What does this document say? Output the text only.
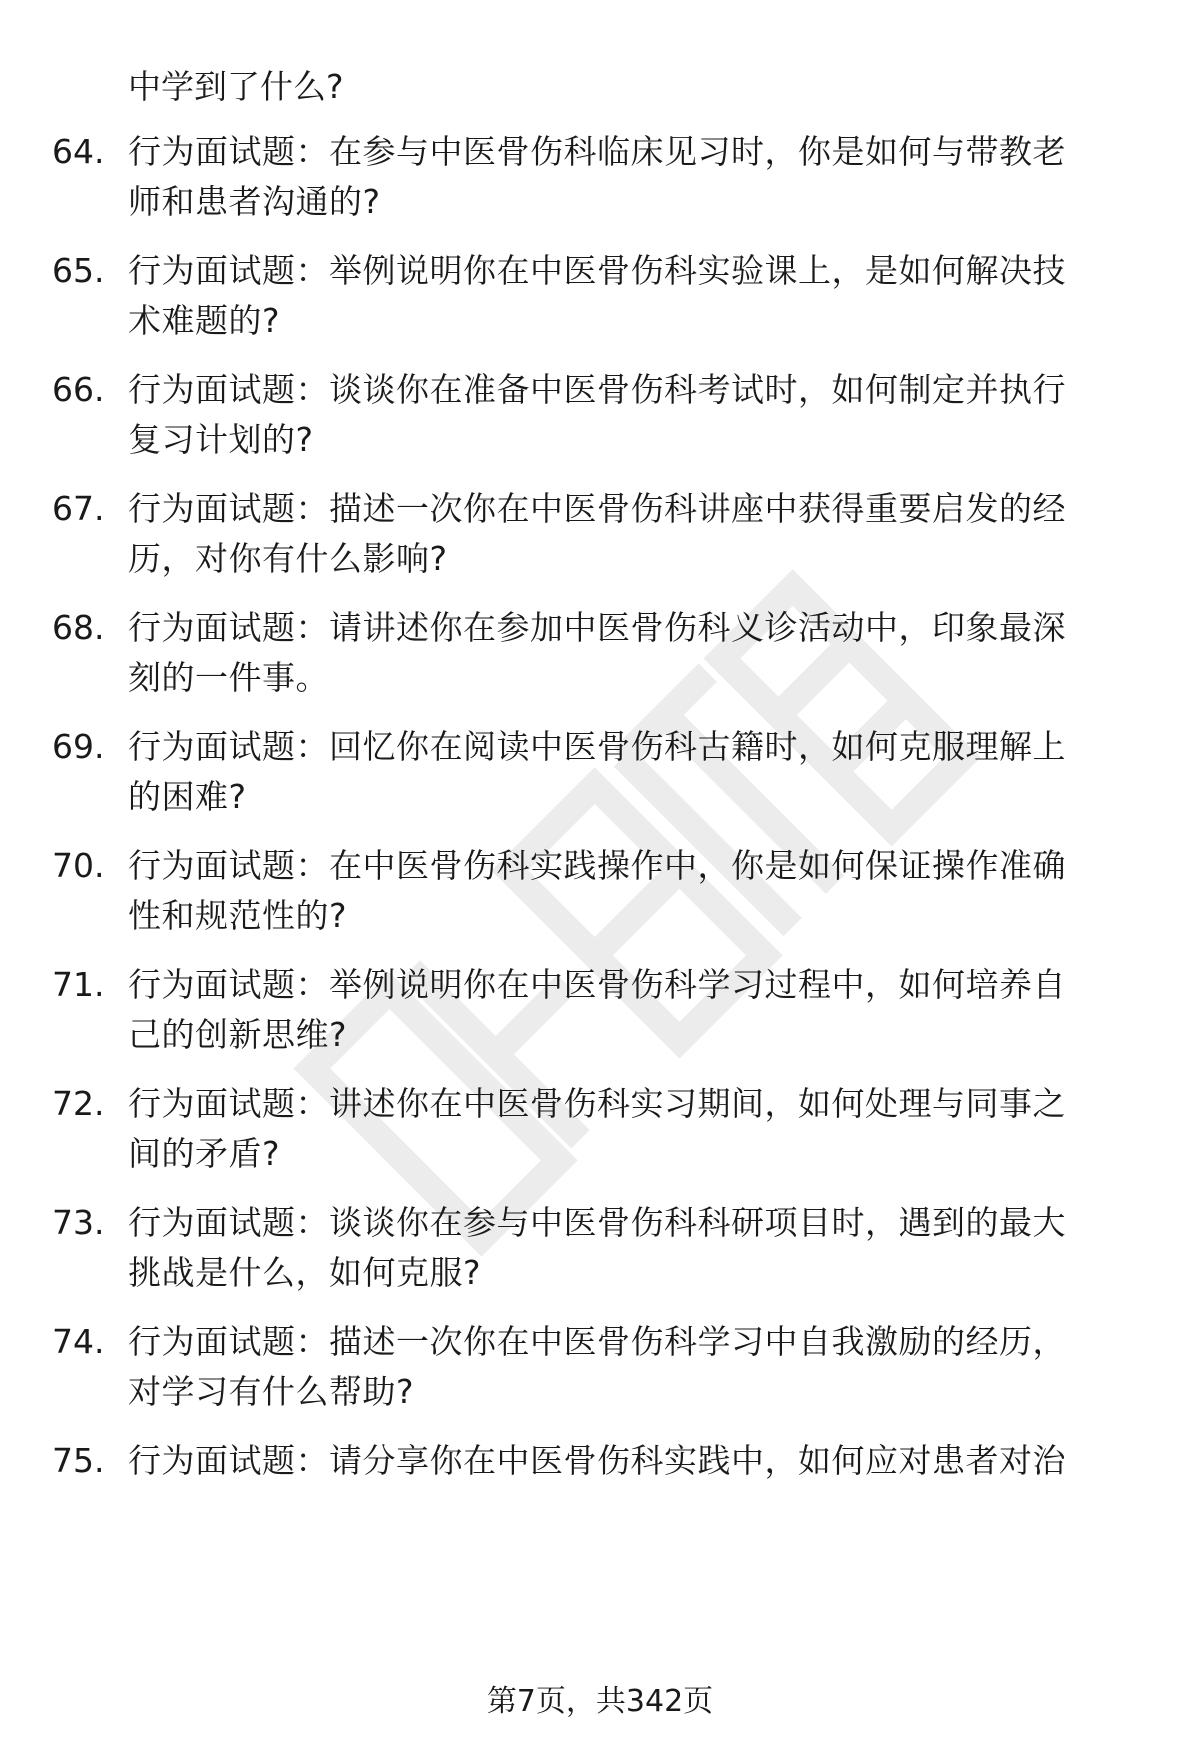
中学到了什么?

64. 行为面试题：在参与中医骨伤科临床见习时，你是如何与带教老
师和患者沟通的?

65. 行为面试题：举例说明你在中医骨伤科实验课上，是如何解决技
术难题的?

66. 行为面试题：谈谈你在准备中医骨伤科考试时，如何制定并执行
复习计划的?

67. 行为面试题：描述一次你在中医骨伤科讲座中获得重要启发的经
历，对你有什么影响?

68. 行为面试题：请讲述你在参加中医骨伤科义诊活动中，印象最深
刻的一件事。

69. 行为面试题：回忆你在阅读中医骨伤科古籍时，如何克服理解上
的困难?

70. 行为面试题：在中医骨伤科实践操作中，你是如何保证操作准确
性和规范性的?

71. 行为面试题：举例说明你在中医骨伤科学习过程中，如何培养自
己的创新思维?

72. 行为面试题：讲述你在中医骨伤科实习期间，如何处理与同事之
间的矛盾?

73. 行为面试题：谈谈你在参与中医骨伤科科研项目时，遇到的最大
挑战是什么，如何克服?

74. 行为面试题：描述一次你在中医骨伤科学习中自我激励的经历，
对学习有什么帮助?

75. 行为面试题：请分享你在中医骨伤科实践中，如何应对患者对治

第7页，共342页
